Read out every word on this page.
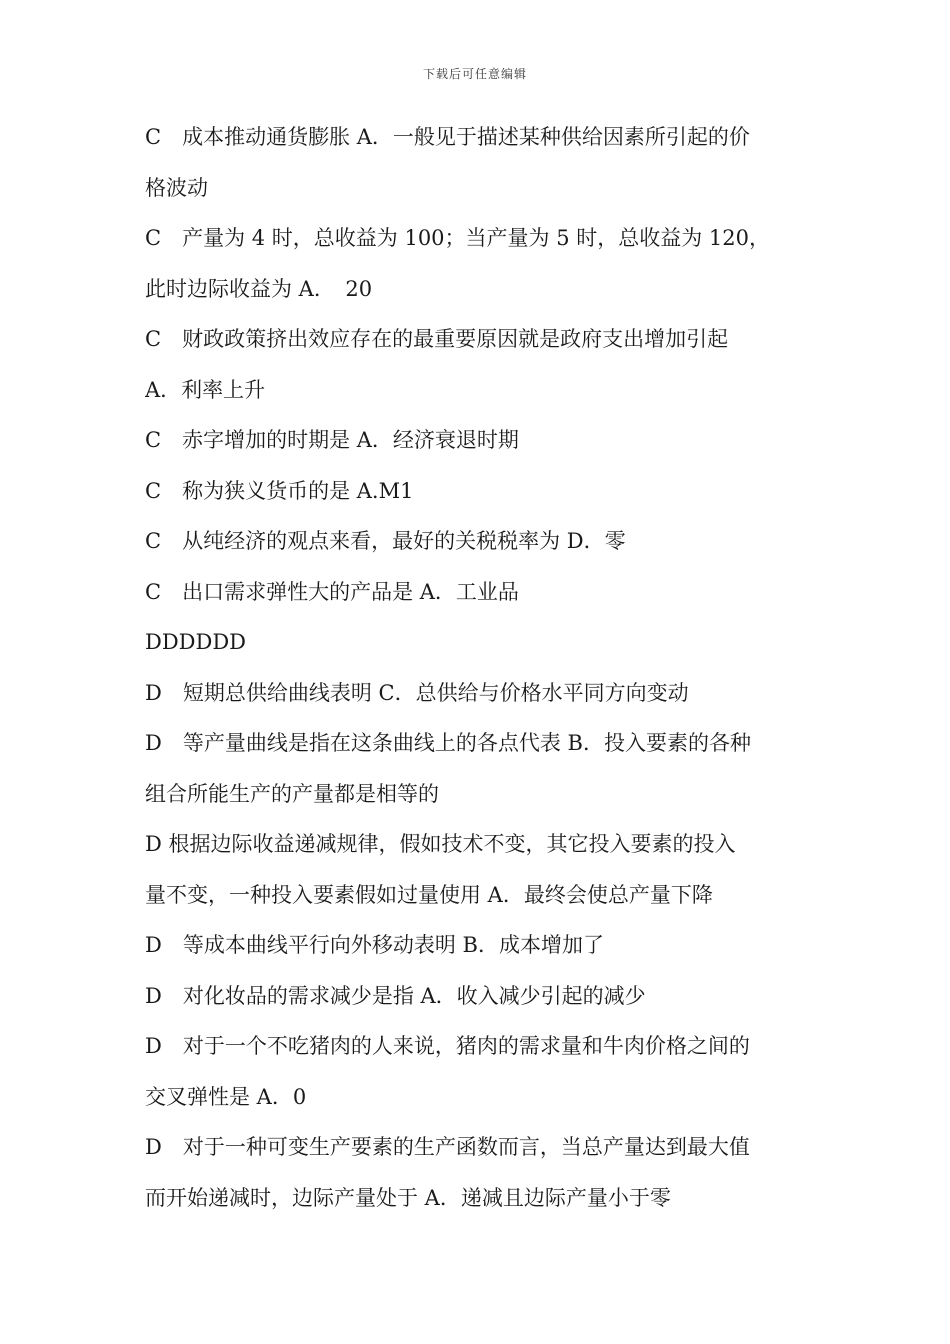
下载后可任意编辑
C　成本推动通货膨胀 A．一般见于描述某种供给因素所引起的价
格波动
C　产量为 4 时，总收益为 100；当产量为 5 时，总收益为 120，
此时边际收益为 A．　20
C　财政政策挤出效应存在的最重要原因就是政府支出增加引起
A．利率上升
C　赤字增加的时期是 A．经济衰退时期
C　称为狭义货币的是 A.M1
C　从纯经济的观点来看，最好的关税税率为 D．零
C　出口需求弹性大的产品是 A．工业品
DDDDDD
D　短期总供给曲线表明 C．总供给与价格水平同方向变动
D　等产量曲线是指在这条曲线上的各点代表 B．投入要素的各种
组合所能生产的产量都是相等的
D 根据边际收益递减规律，假如技术不变，其它投入要素的投入
量不变，一种投入要素假如过量使用 A．最终会使总产量下降
D　等成本曲线平行向外移动表明 B．成本增加了
D　对化妆品的需求减少是指 A．收入减少引起的减少
D　对于一个不吃猪肉的人来说，猪肉的需求量和牛肉价格之间的
交叉弹性是 A．0
D　对于一种可变生产要素的生产函数而言，当总产量达到最大值
而开始递减时，边际产量处于 A．递减且边际产量小于零
